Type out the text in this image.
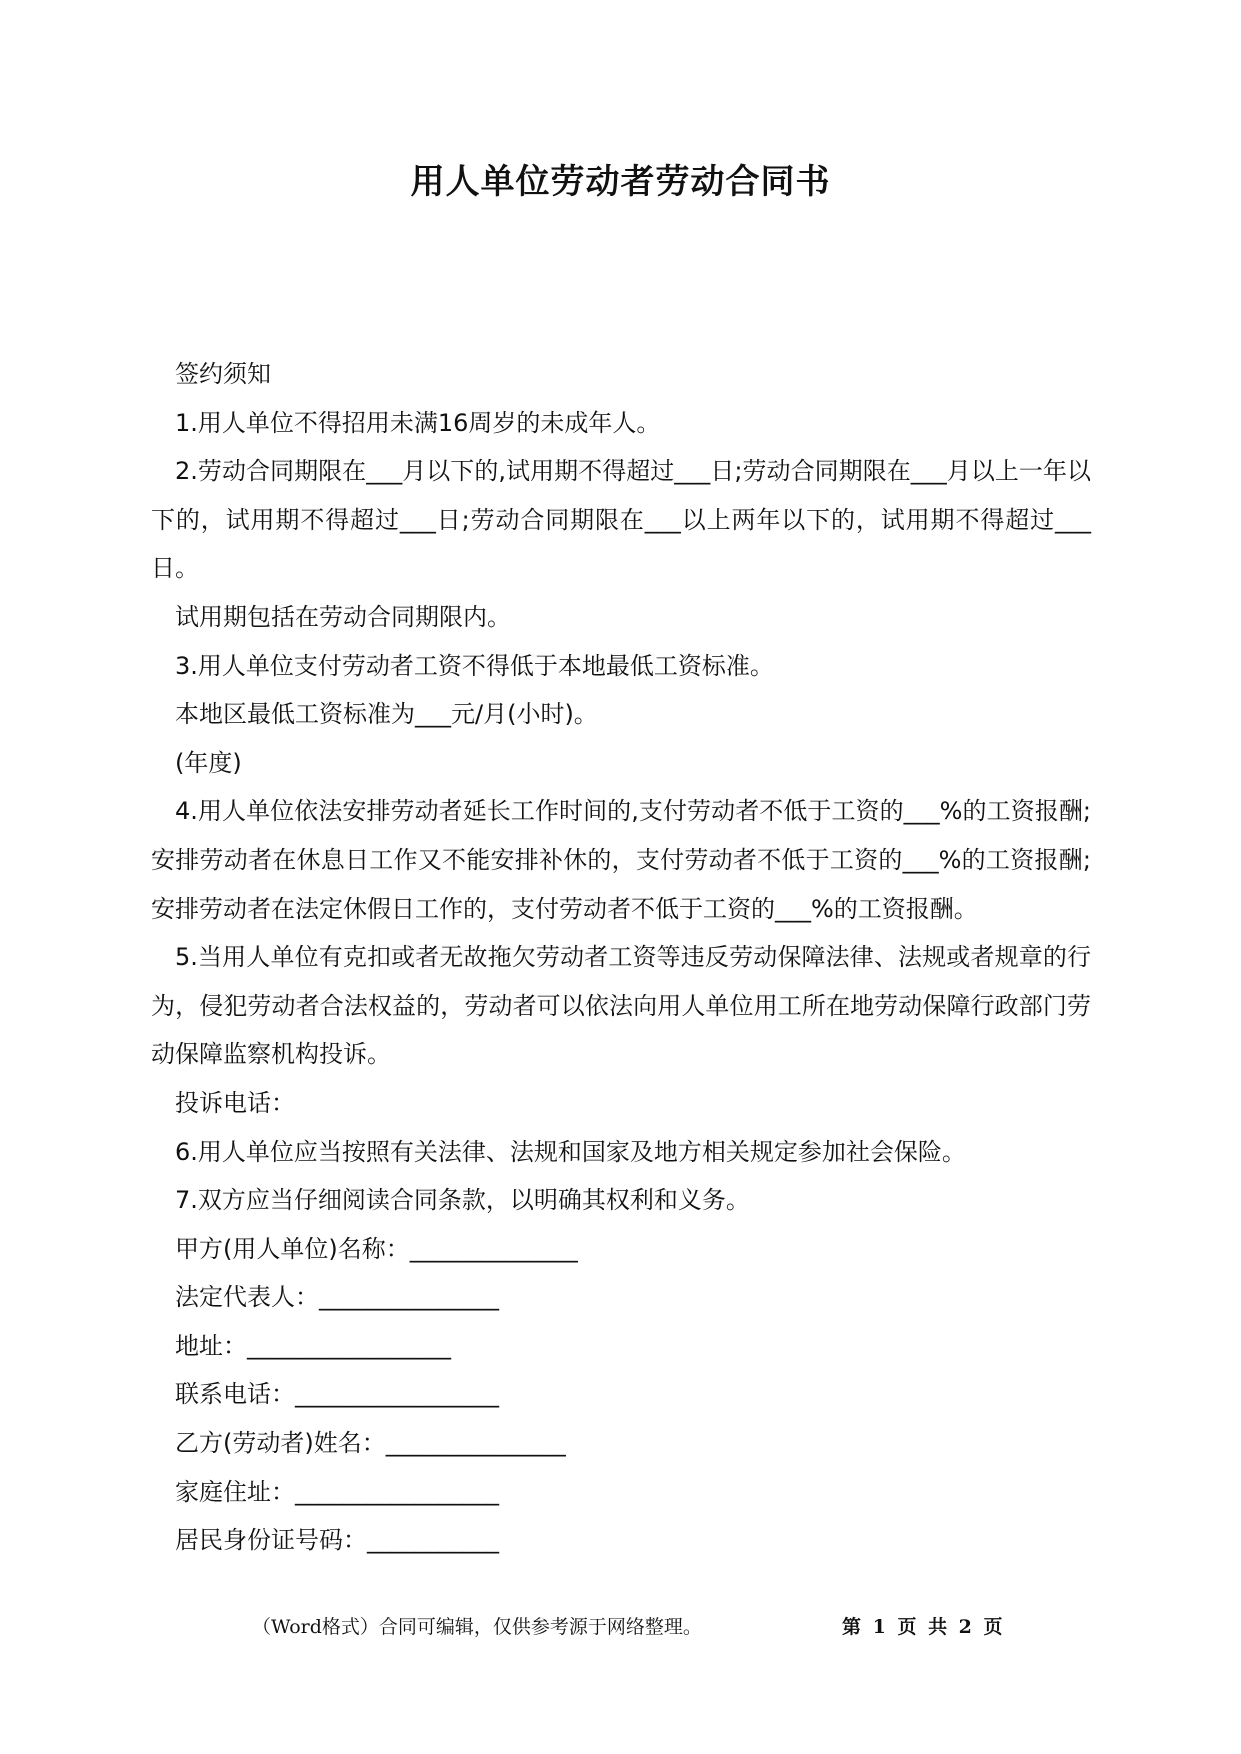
用人单位劳动者劳动合同书

签约须知

1.用人单位不得招用未满16周岁的未成年人。

2.劳动合同期限在___月以下的,试用期不得超过___日;劳动合同期限在___月以上一年以下的，试用期不得超过___日;劳动合同期限在___以上两年以下的，试用期不得超过___日。

试用期包括在劳动合同期限内。

3.用人单位支付劳动者工资不得低于本地最低工资标准。

本地区最低工资标准为___元/月(小时)。

(年度)

4.用人单位依法安排劳动者延长工作时间的,支付劳动者不低于工资的___%的工资报酬;安排劳动者在休息日工作又不能安排补休的，支付劳动者不低于工资的___%的工资报酬;安排劳动者在法定休假日工作的，支付劳动者不低于工资的___%的工资报酬。

5.当用人单位有克扣或者无故拖欠劳动者工资等违反劳动保障法律、法规或者规章的行为，侵犯劳动者合法权益的，劳动者可以依法向用人单位用工所在地劳动保障行政部门劳动保障监察机构投诉。

投诉电话：

6.用人单位应当按照有关法律、法规和国家及地方相关规定参加社会保险。

7.双方应当仔细阅读合同条款，以明确其权利和义务。

甲方(用人单位)名称：______________

法定代表人：_______________

地址：_________________

联系电话：_________________

乙方(劳动者)姓名：_______________

家庭住址：_________________

居民身份证号码：___________

（Word格式）合同可编辑，仅供参考源于网络整理。	第 1 页 共 2 页
